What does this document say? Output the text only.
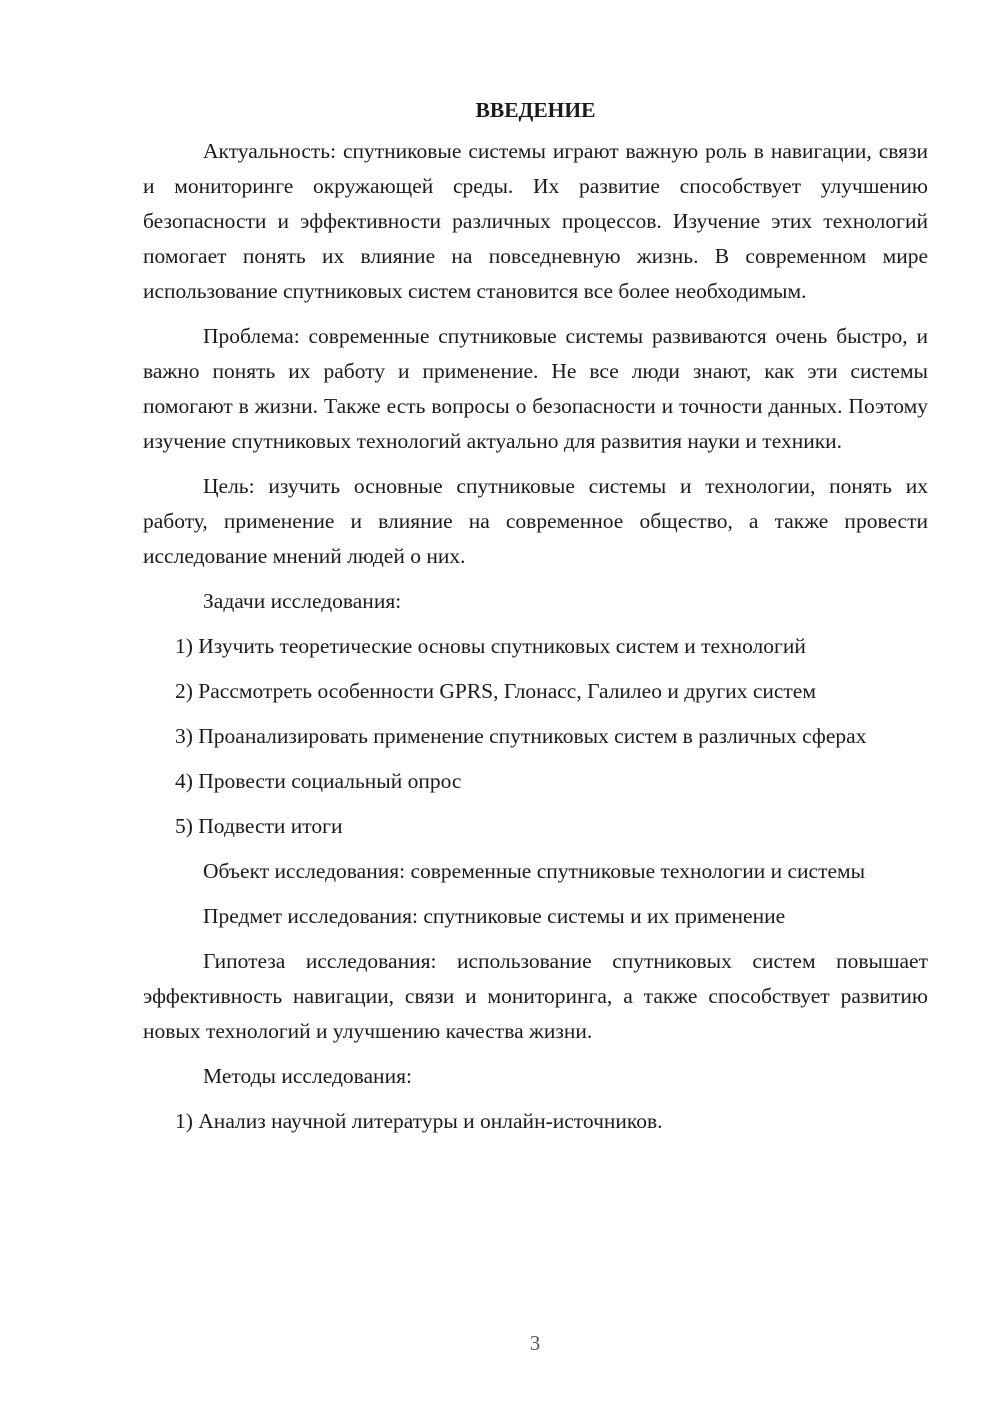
ВВЕДЕНИЕ

Актуальность: спутниковые системы играют важную роль в навигации, связи и мониторинге окружающей среды. Их развитие способствует улучшению безопасности и эффективности различных процессов. Изучение этих технологий помогает понять их влияние на повседневную жизнь. В современном мире использование спутниковых систем становится все более необходимым.

Проблема: современные спутниковые системы развиваются очень быстро, и важно понять их работу и применение. Не все люди знают, как эти системы помогают в жизни. Также есть вопросы о безопасности и точности данных. Поэтому изучение спутниковых технологий актуально для развития науки и техники.

Цель: изучить основные спутниковые системы и технологии, понять их работу, применение и влияние на современное общество, а также провести исследование мнений людей о них.

Задачи исследования:

1) Изучить теоретические основы спутниковых систем и технологий

2) Рассмотреть особенности GPRS, Глонасс, Галилео и других систем

3) Проанализировать применение спутниковых систем в различных сферах

4) Провести социальный опрос

5) Подвести итоги

Объект исследования: современные спутниковые технологии и системы

Предмет исследования: спутниковые системы и их применение

Гипотеза исследования: использование спутниковых систем повышает эффективность навигации, связи и мониторинга, а также способствует развитию новых технологий и улучшению качества жизни.

Методы исследования:

1) Анализ научной литературы и онлайн-источников.

3
